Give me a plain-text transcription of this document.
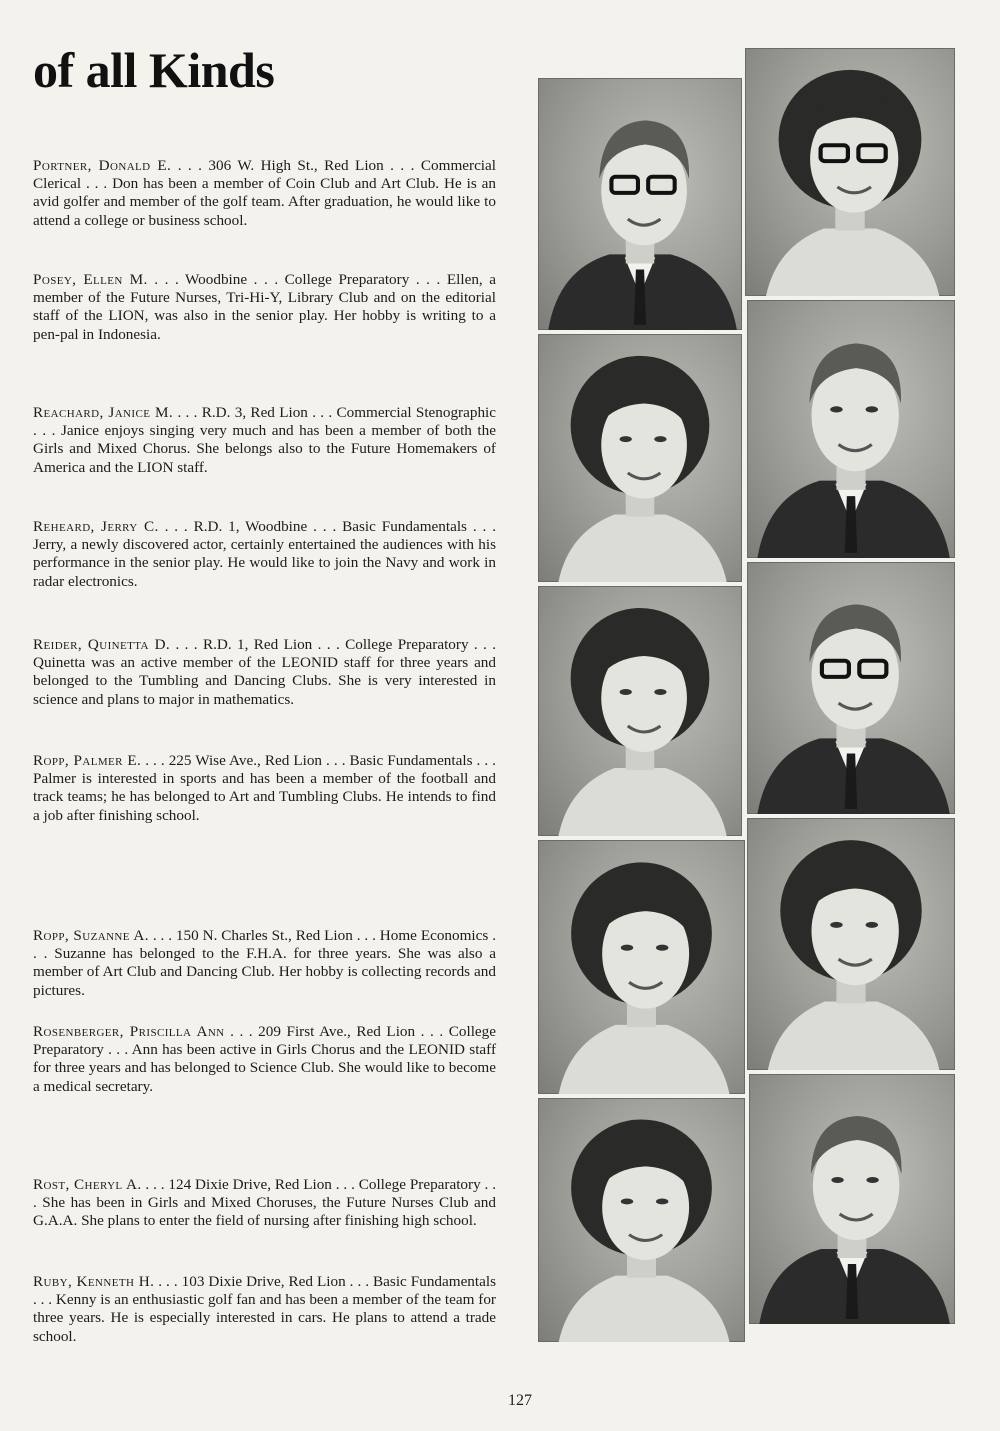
of all Kinds
Portner, Donald E. . . . 306 W. High St., Red Lion . . . Commercial Clerical . . . Don has been a member of Coin Club and Art Club. He is an avid golfer and member of the golf team. After graduation, he would like to attend a college or business school.
Posey, Ellen M. . . . Woodbine . . . College Preparatory . . . Ellen, a member of the Future Nurses, Tri-Hi-Y, Library Club and on the editorial staff of the LION, was also in the senior play. Her hobby is writing to a pen-pal in Indonesia.
Reachard, Janice M. . . . R.D. 3, Red Lion . . . Commercial Stenographic . . . Janice enjoys singing very much and has been a member of both the Girls and Mixed Chorus. She belongs also to the Future Homemakers of America and the LION staff.
Reheard, Jerry C. . . . R.D. 1, Woodbine . . . Basic Fundamentals . . . Jerry, a newly discovered actor, certainly entertained the audiences with his performance in the senior play. He would like to join the Navy and work in radar electronics.
Reider, Quinetta D. . . . R.D. 1, Red Lion . . . College Preparatory . . . Quinetta was an active member of the LEONID staff for three years and belonged to the Tumbling and Dancing Clubs. She is very interested in science and plans to major in mathematics.
Ropp, Palmer E. . . . 225 Wise Ave., Red Lion . . . Basic Fundamentals . . . Palmer is interested in sports and has been a member of the football and track teams; he has belonged to Art and Tumbling Clubs. He intends to find a job after finishing school.
Ropp, Suzanne A. . . . 150 N. Charles St., Red Lion . . . Home Economics . . . Suzanne has belonged to the F.H.A. for three years. She was also a member of Art Club and Dancing Club. Her hobby is collecting records and pictures.
Rosenberger, Priscilla Ann . . . 209 First Ave., Red Lion . . . College Preparatory . . . Ann has been active in Girls Chorus and the LEONID staff for three years and has belonged to Science Club. She would like to become a medical secretary.
Rost, Cheryl A. . . . 124 Dixie Drive, Red Lion . . . College Preparatory . . . She has been in Girls and Mixed Choruses, the Future Nurses Club and G.A.A. She plans to enter the field of nursing after finishing high school.
Ruby, Kenneth H. . . . 103 Dixie Drive, Red Lion . . . Basic Fundamentals . . . Kenny is an enthusiastic golf fan and has been a member of the team for three years. He is especially interested in cars. He plans to attend a trade school.
127
